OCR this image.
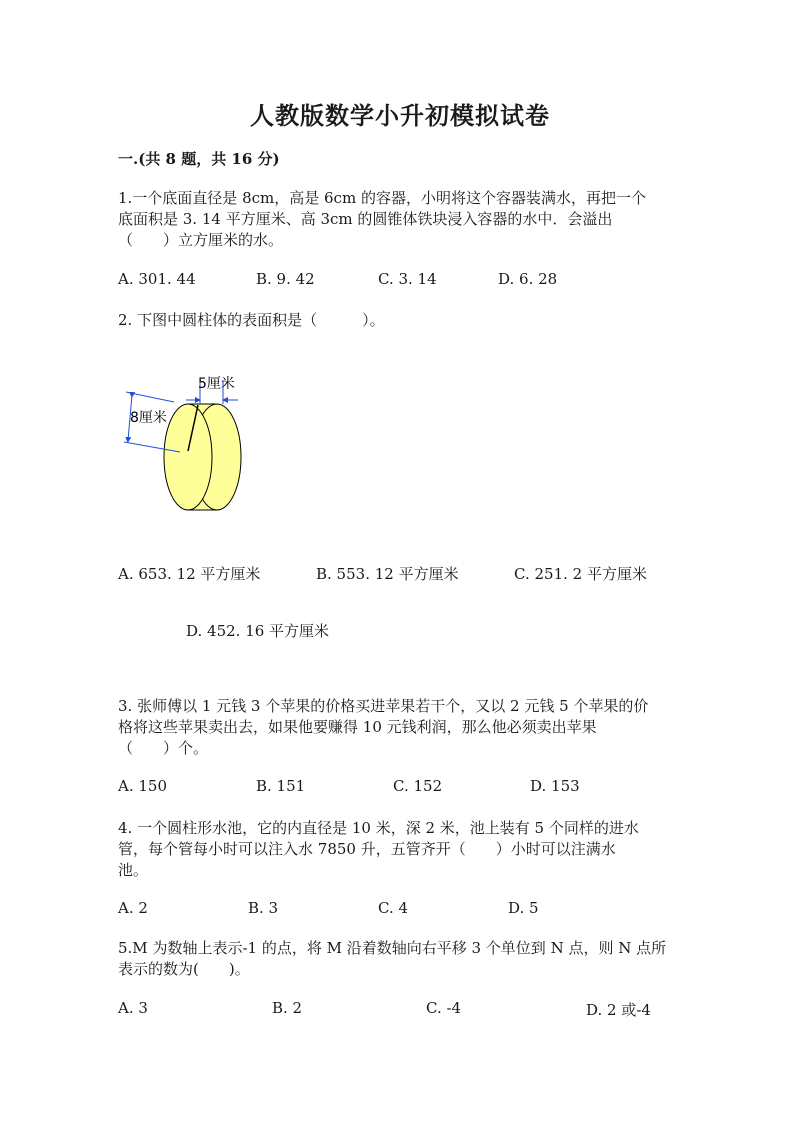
人教版数学小升初模拟试卷
一.(共 8 题，共 16 分)
1.一个底面直径是 8cm，高是 6cm 的容器，小明将这个容器装满水，再把一个
底面积是 3. 14 平方厘米、高 3cm 的圆锥体铁块浸入容器的水中．会溢出
（　　）立方厘米的水。
A. 301. 44	B. 9. 42	C. 3. 14	D. 6. 28
2. 下图中圆柱体的表面积是（　　　）。
5厘米
8厘米
A. 653. 12 平方厘米	B. 553. 12 平方厘米	C. 251. 2 平方厘米
D. 452. 16 平方厘米
3. 张师傅以 1 元钱 3 个苹果的价格买进苹果若干个，又以 2 元钱 5 个苹果的价
格将这些苹果卖出去，如果他要赚得 10 元钱利润，那么他必须卖出苹果
（　　）个。
A. 150	B. 151	C. 152	D. 153
4. 一个圆柱形水池，它的内直径是 10 米，深 2 米，池上装有 5 个同样的进水
管，每个管每小时可以注入水 7850 升，五管齐开（　　）小时可以注满水
池。
A. 2	B. 3	C. 4	D. 5
5.M 为数轴上表示-1 的点，将 M 沿着数轴向右平移 3 个单位到 N 点，则 N 点所
表示的数为(　　)。
A. 3	B. 2	C. -4	D. 2 或-4
